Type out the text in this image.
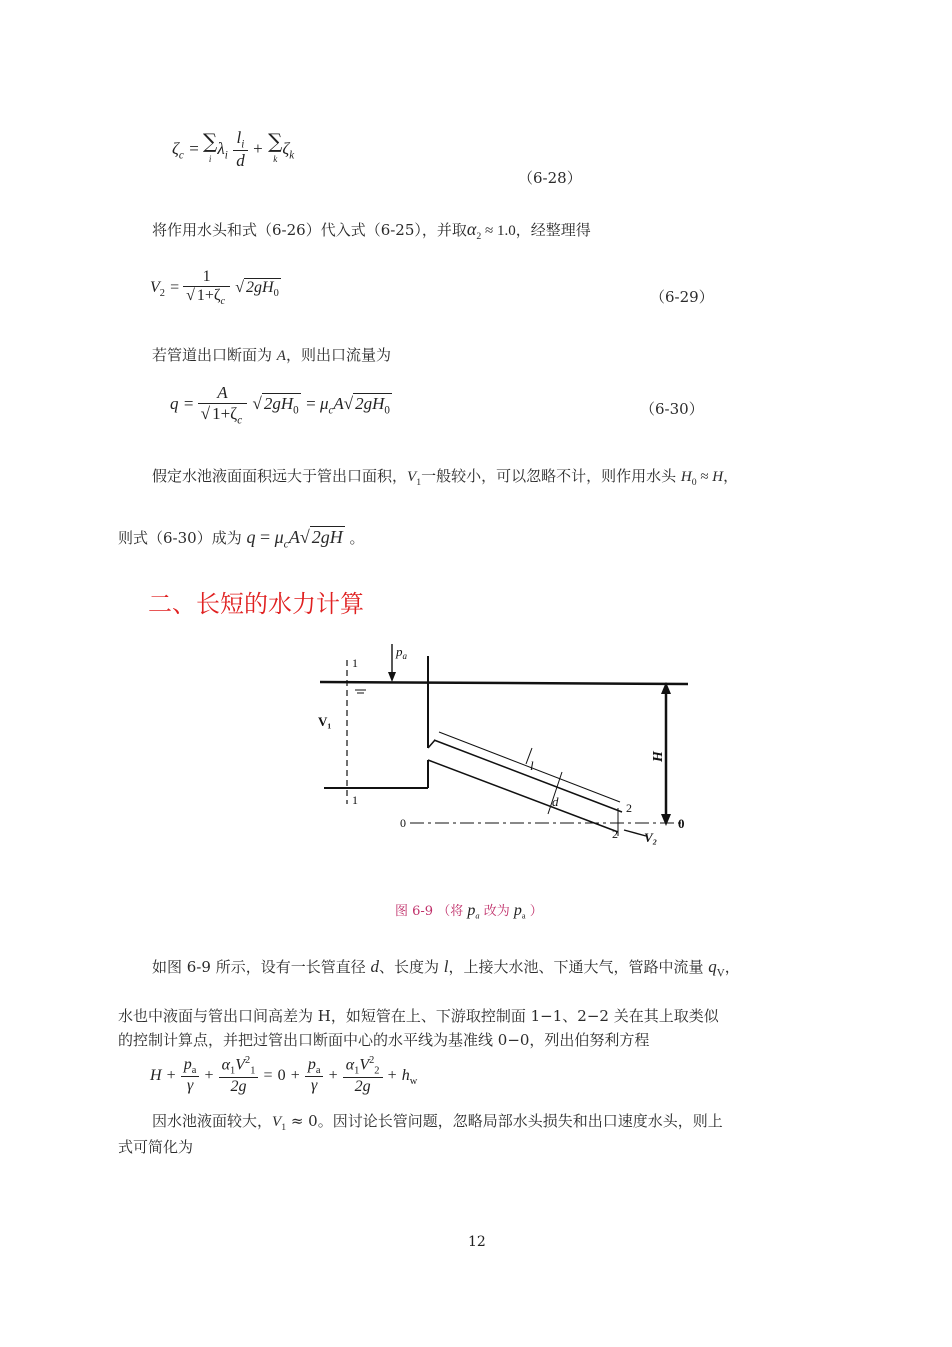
$\zeta_c$ = ∑
$i\lambda_i \frac{l_i}{d}$ + ∑
$k\zeta_k$
（6-28）
将作用水头和式（6-26）代入式（6-25），并取$\alpha_2 \approx 1.0$，经整理得
$V_2 = \frac{1}{√ 1+\zeta_c}$ √ $2gH_0$	（6-29）
若管道出口断面为 A，则出口流量为
$q = \frac{A}{√ 1+\zeta_c}$ √ $2gH_0 = \mu_cA√$ $2gH_0$	（6-30）
假定水池液面面积远大于管出口面积，$V_1$一般较小，可以忽略不计，则作用水头 $H_0 \approx H$，
则式（6-30）成为 $q = \mu_cA√$ 2gH 。
二、长短的水力计算
1
1
$p_a$
V₁
l
d	2
2 V₂
H
0	0
图 6-9 （将 $p_a$ 改为 $p_a$ ）
如图 6-9 所示，设有一长管直径 d、长度为 l，上接大水池、下通大气，管路中流量 $q_V$，
水也中液面与管出口间高差为 H，如短管在上、下游取控制面 1−1、2−2 关在其上取类似
的控制计算点，并把过管出口断面中心的水平线为基准线 0−0，列出伯努利方程
$H + \frac{p_a}{\gamma} + \frac{\alpha_1V^2_1}{2g} = 0 + \frac{p_a}{\gamma} + \frac{\alpha_1V^2_2}{2g} + h_w$
因水池液面较大，$V_1 \approx 0$。因讨论长管问题，忽略局部水头损失和出口速度水头，则上
式可简化为
12
